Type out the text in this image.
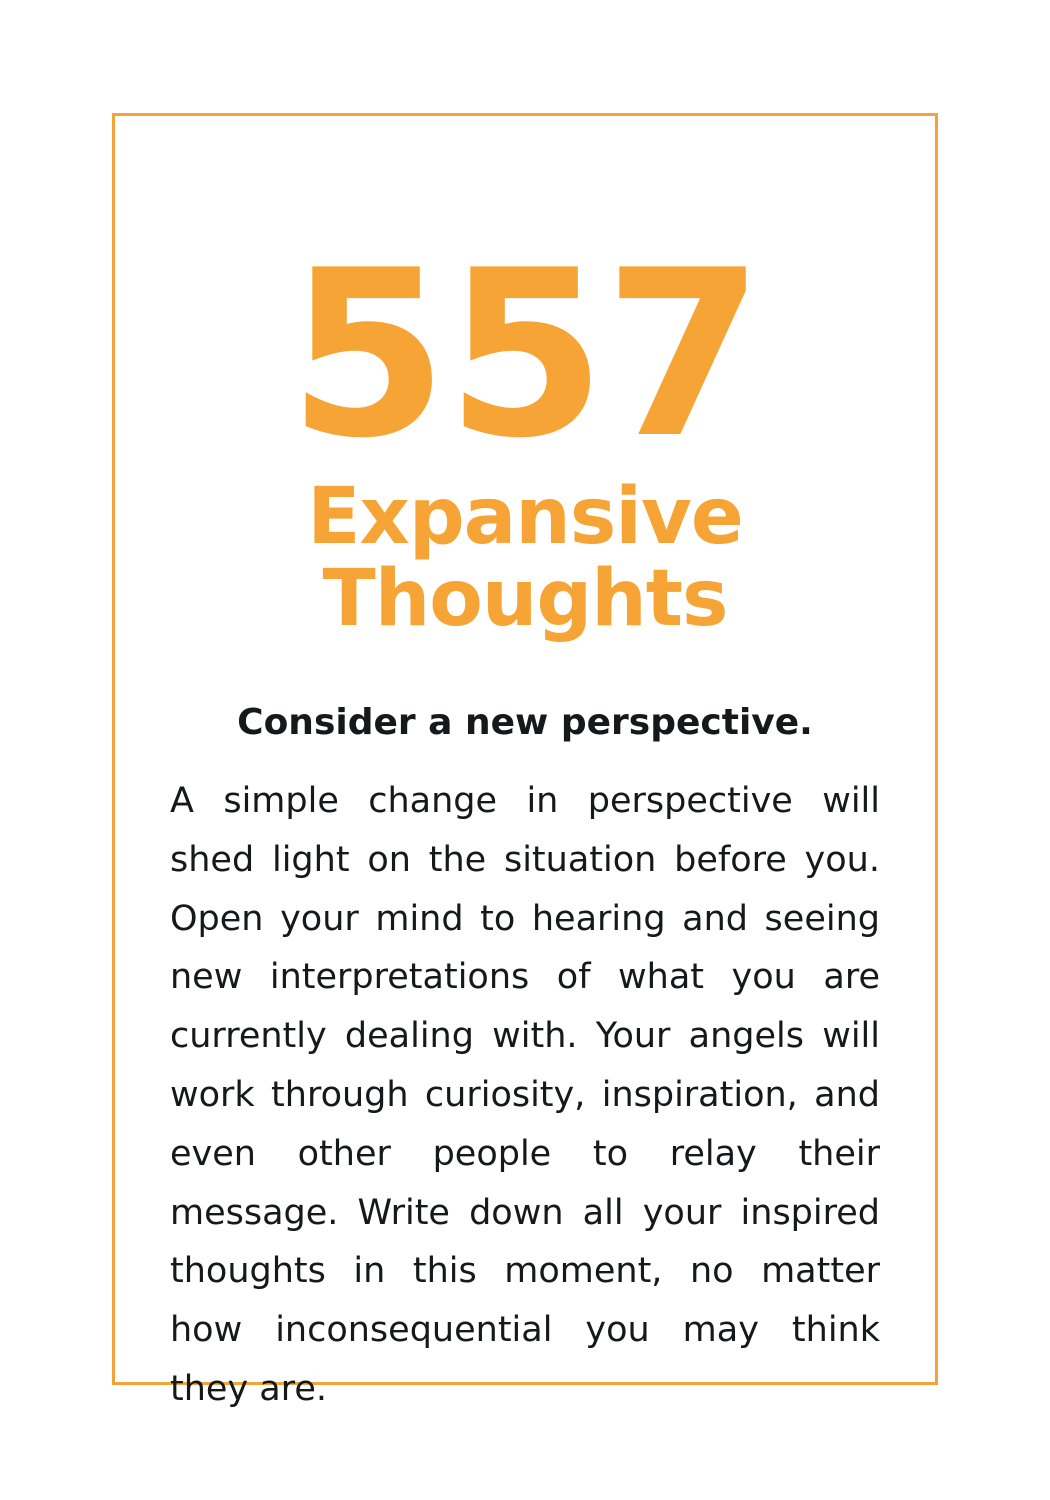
557
Expansive Thoughts
Consider a new perspective.
A simple change in perspective will shed light on the situation before you. Open your mind to hearing and seeing new interpretations of what you are currently dealing with. Your angels will work through curiosity, inspiration, and even other people to relay their message. Write down all your inspired thoughts in this moment, no matter how inconsequential you may think they are.
